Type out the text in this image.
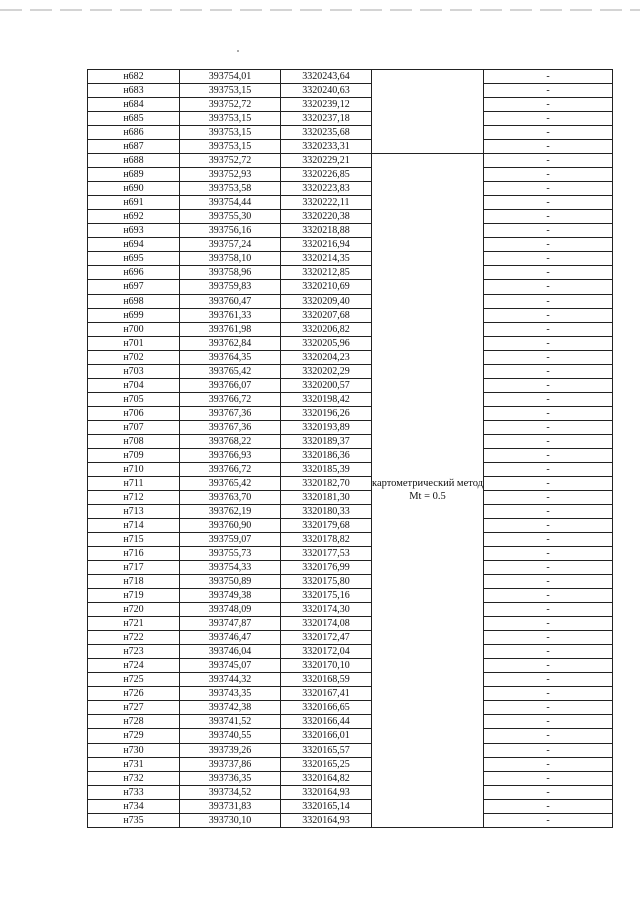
н682	393754,01	3320243,64		-
н683	393753,15	3320240,63		-
н684	393752,72	3320239,12		-
н685	393753,15	3320237,18		-
н686	393753,15	3320235,68		-
н687	393753,15	3320233,31		-
н688	393752,72	3320229,21	картометрический метод Mt = 0.5	-
н689	393752,93	3320226,85		-
н690	393753,58	3320223,83		-
н691	393754,44	3320222,11		-
н692	393755,30	3320220,38		-
н693	393756,16	3320218,88		-
н694	393757,24	3320216,94		-
н695	393758,10	3320214,35		-
н696	393758,96	3320212,85		-
н697	393759,83	3320210,69		-
н698	393760,47	3320209,40		-
н699	393761,33	3320207,68		-
н700	393761,98	3320206,82		-
н701	393762,84	3320205,96		-
н702	393764,35	3320204,23		-
н703	393765,42	3320202,29		-
н704	393766,07	3320200,57		-
н705	393766,72	3320198,42		-
н706	393767,36	3320196,26		-
н707	393767,36	3320193,89		-
н708	393768,22	3320189,37		-
н709	393766,93	3320186,36		-
н710	393766,72	3320185,39		-
н711	393765,42	3320182,70		-
н712	393763,70	3320181,30		-
н713	393762,19	3320180,33		-
н714	393760,90	3320179,68		-
н715	393759,07	3320178,82		-
н716	393755,73	3320177,53		-
н717	393754,33	3320176,99		-
н718	393750,89	3320175,80		-
н719	393749,38	3320175,16		-
н720	393748,09	3320174,30		-
н721	393747,87	3320174,08		-
н722	393746,47	3320172,47		-
н723	393746,04	3320172,04		-
н724	393745,07	3320170,10		-
н725	393744,32	3320168,59		-
н726	393743,35	3320167,41		-
н727	393742,38	3320166,65		-
н728	393741,52	3320166,44		-
н729	393740,55	3320166,01		-
н730	393739,26	3320165,57		-
н731	393737,86	3320165,25		-
н732	393736,35	3320164,82		-
н733	393734,52	3320164,93		-
н734	393731,83	3320165,14		-
н735	393730,10	3320164,93		-
